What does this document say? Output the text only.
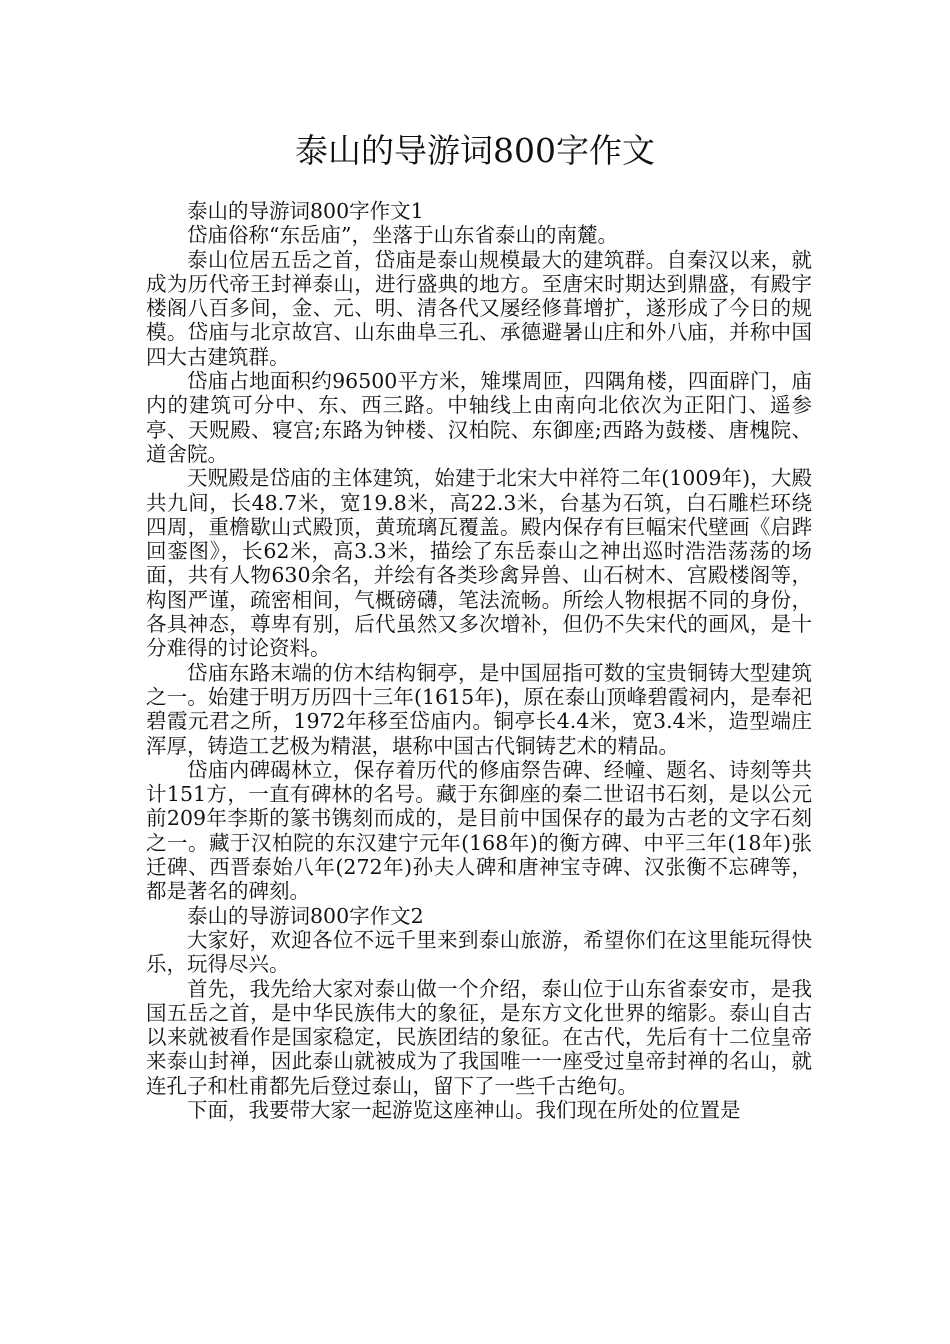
泰山的导游词800字作文

泰山的导游词800字作文1

岱庙俗称“东岳庙”，坐落于山东省泰山的南麓。

泰山位居五岳之首，岱庙是泰山规模最大的建筑群。自秦汉以来，就成为历代帝王封禅泰山，进行盛典的地方。至唐宋时期达到鼎盛，有殿宇楼阁八百多间，金、元、明、清各代又屡经修葺增扩，遂形成了今日的规模。岱庙与北京故宫、山东曲阜三孔、承德避暑山庄和外八庙，并称中国四大古建筑群。

岱庙占地面积约96500平方米，雉堞周匝，四隅角楼，四面辟门，庙内的建筑可分中、东、西三路。中轴线上由南向北依次为正阳门、遥参亭、天贶殿、寝宫;东路为钟楼、汉柏院、东御座;西路为鼓楼、唐槐院、道舍院。

天贶殿是岱庙的主体建筑，始建于北宋大中祥符二年(1009年)，大殿共九间，长48.7米，宽19.8米，高22.3米，台基为石筑，白石雕栏环绕四周，重檐歇山式殿顶，黄琉璃瓦覆盖。殿内保存有巨幅宋代壁画《启跸回銮图》，长62米，高3.3米，描绘了东岳泰山之神出巡时浩浩荡荡的场面，共有人物630余名，并绘有各类珍禽异兽、山石树木、宫殿楼阁等，构图严谨，疏密相间，气概磅礴，笔法流畅。所绘人物根据不同的身份，各具神态，尊卑有别，后代虽然又多次增补，但仍不失宋代的画风，是十分难得的讨论资料。

岱庙东路末端的仿木结构铜亭，是中国屈指可数的宝贵铜铸大型建筑之一。始建于明万历四十三年(1615年)，原在泰山顶峰碧霞祠内，是奉祀碧霞元君之所，1972年移至岱庙内。铜亭长4.4米，宽3.4米，造型端庄浑厚，铸造工艺极为精湛，堪称中国古代铜铸艺术的精品。

岱庙内碑碣林立，保存着历代的修庙祭告碑、经幢、题名、诗刻等共计151方，一直有碑林的名号。藏于东御座的秦二世诏书石刻，是以公元前209年李斯的篆书镌刻而成的，是目前中国保存的最为古老的文字石刻之一。藏于汉柏院的东汉建宁元年(168年)的衡方碑、中平三年(18年)张迁碑、西晋泰始八年(272年)孙夫人碑和唐神宝寺碑、汉张衡不忘碑等，都是著名的碑刻。

泰山的导游词800字作文2

大家好，欢迎各位不远千里来到泰山旅游，希望你们在这里能玩得快乐，玩得尽兴。

首先，我先给大家对泰山做一个介绍，泰山位于山东省泰安市，是我国五岳之首，是中华民族伟大的象征，是东方文化世界的缩影。泰山自古以来就被看作是国家稳定，民族团结的象征。在古代，先后有十二位皇帝来泰山封禅，因此泰山就被成为了我国唯一一座受过皇帝封禅的名山，就连孔子和杜甫都先后登过泰山，留下了一些千古绝句。

下面，我要带大家一起游览这座神山。我们现在所处的位置是
